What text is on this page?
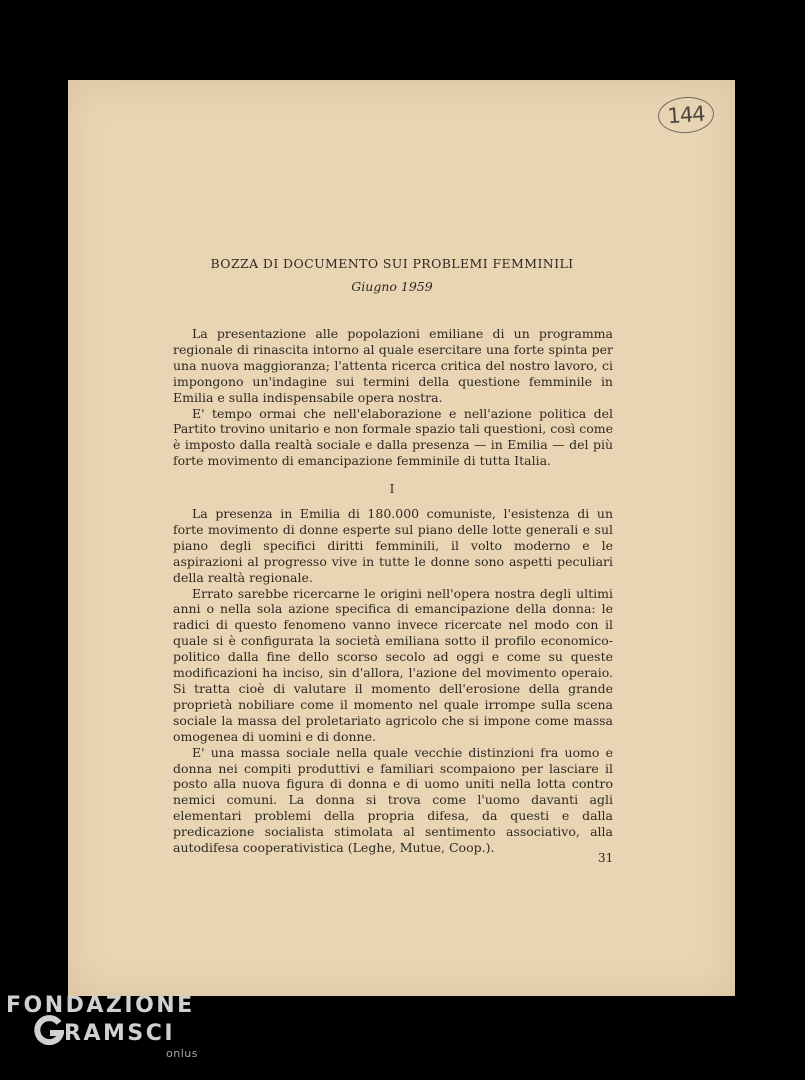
144
BOZZA DI DOCUMENTO SUI PROBLEMI FEMMINILI
Giugno 1959

La presentazione alle popolazioni emiliane di un programma regionale di rinascita intorno al quale esercitare una forte spinta per una nuova maggioranza; l'attenta ricerca critica del nostro lavoro, ci impongono un'indagine sui termini della questione femminile in Emilia e sulla indispensabile opera nostra.

E' tempo ormai che nell'elaborazione e nell'azione politica del Partito trovino unitario e non formale spazio tali questioni, così come è imposto dalla realtà sociale e dalla presenza — in Emilia — del più forte movimento di emancipazione femminile di tutta Italia.

I

La presenza in Emilia di 180.000 comuniste, l'esistenza di un forte movimento di donne esperte sul piano delle lotte generali e sul piano degli specifici diritti femminili, il volto moderno e le aspirazioni al progresso vive in tutte le donne sono aspetti peculiari della realtà regionale.

Errato sarebbe ricercarne le origini nell'opera nostra degli ultimi anni o nella sola azione specifica di emancipazione della donna: le radici di questo fenomeno vanno invece ricercate nel modo con il quale si è configurata la società emiliana sotto il profilo economico-politico dalla fine dello scorso secolo ad oggi e come su queste modificazioni ha inciso, sin d'allora, l'azione del movimento operaio. Si tratta cioè di valutare il momento dell'erosione della grande proprietà nobiliare come il momento nel quale irrompe sulla scena sociale la massa del proletariato agricolo che si impone come massa omogenea di uomini e di donne.

E' una massa sociale nella quale vecchie distinzioni fra uomo e donna nei compiti produttivi e familiari scompaiono per lasciare il posto alla nuova figura di donna e di uomo uniti nella lotta contro nemici comuni. La donna si trova come l'uomo davanti agli elementari problemi della propria difesa, da questi e dalla predicazione socialista stimolata al sentimento associativo, alla autodifesa cooperativistica (Leghe, Mutue, Coop.).

31
FONDAZIONE
RAMSCI
onlus
